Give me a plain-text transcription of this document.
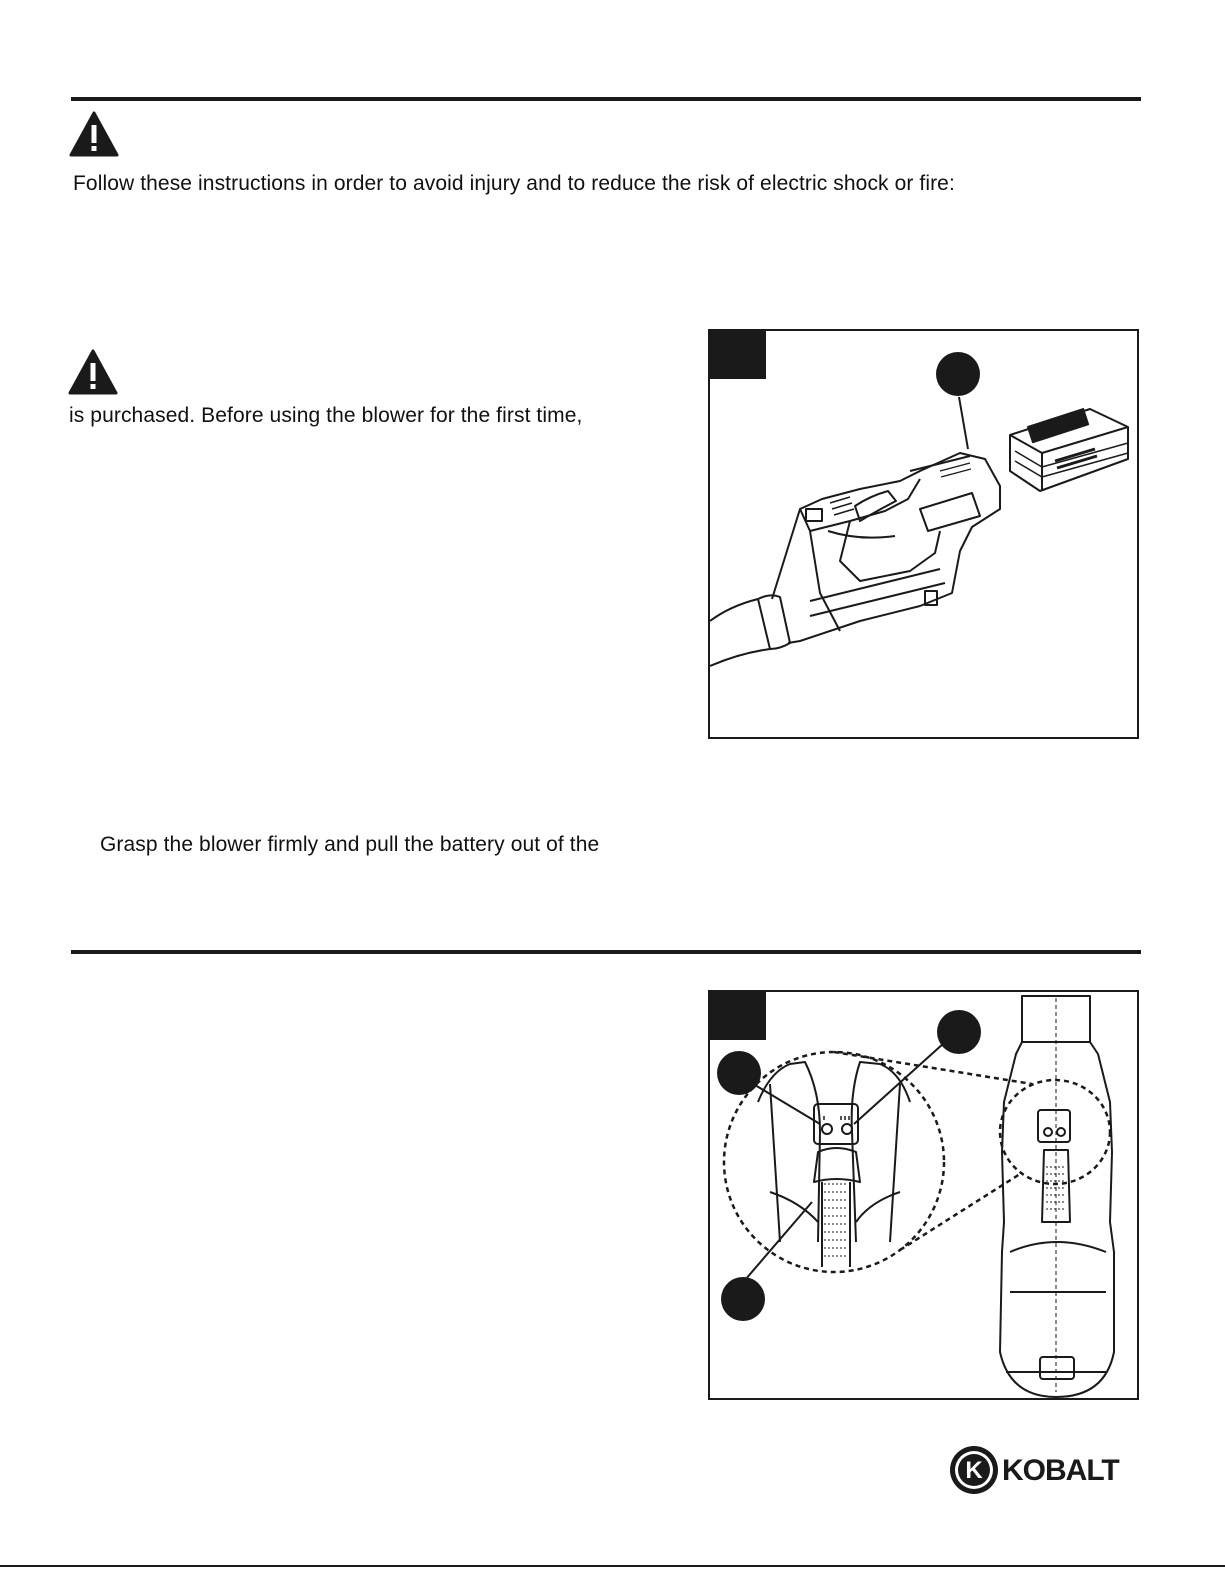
Follow these instructions in order to avoid injury and to reduce the risk of electric shock or fire:
is purchased. Before using the blower for the first time,
Grasp the blower firmly and pull the battery out of the
K KOBALT
